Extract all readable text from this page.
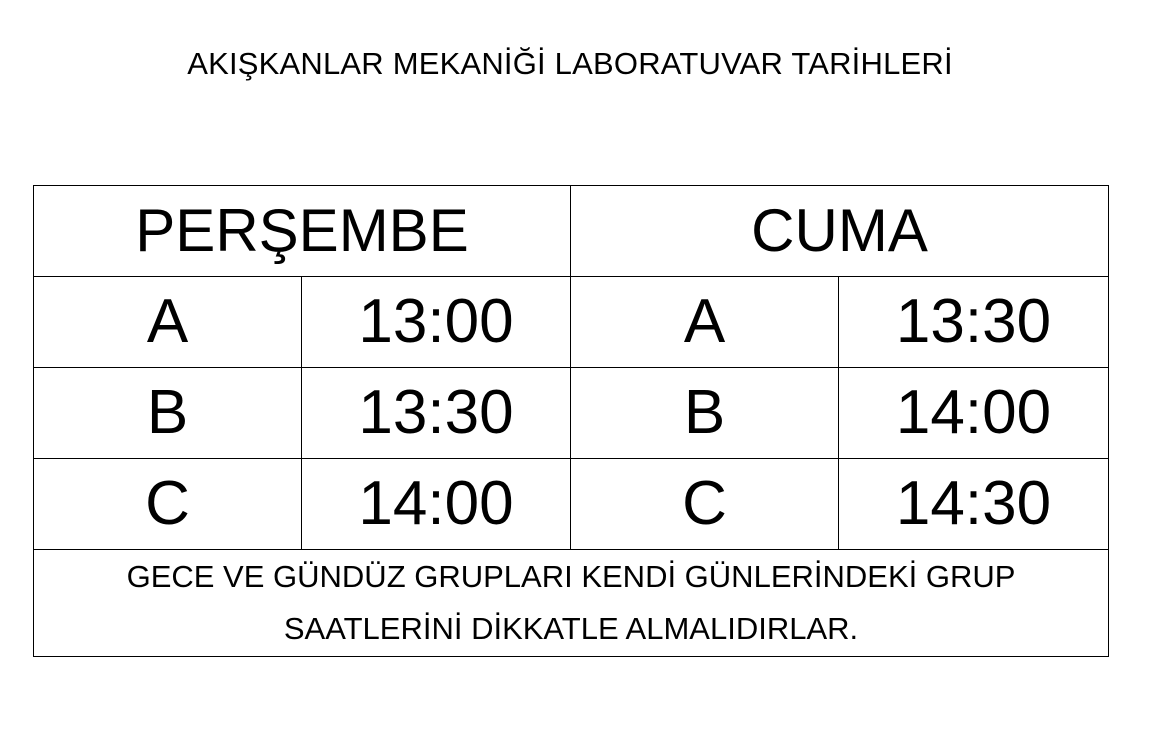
AKIŞKANLAR MEKANİĞİ LABORATUVAR TARİHLERİ
PERŞEMBE		CUMA	
A	13:00	A	13:30
B	13:30	B	14:00
C	14:00	C	14:30

GECE VE GÜNDÜZ GRUPLARI KENDİ GÜNLERİNDEKİ GRUP
SAATLERİNİ DİKKATLE ALMALIDIRLAR.			
